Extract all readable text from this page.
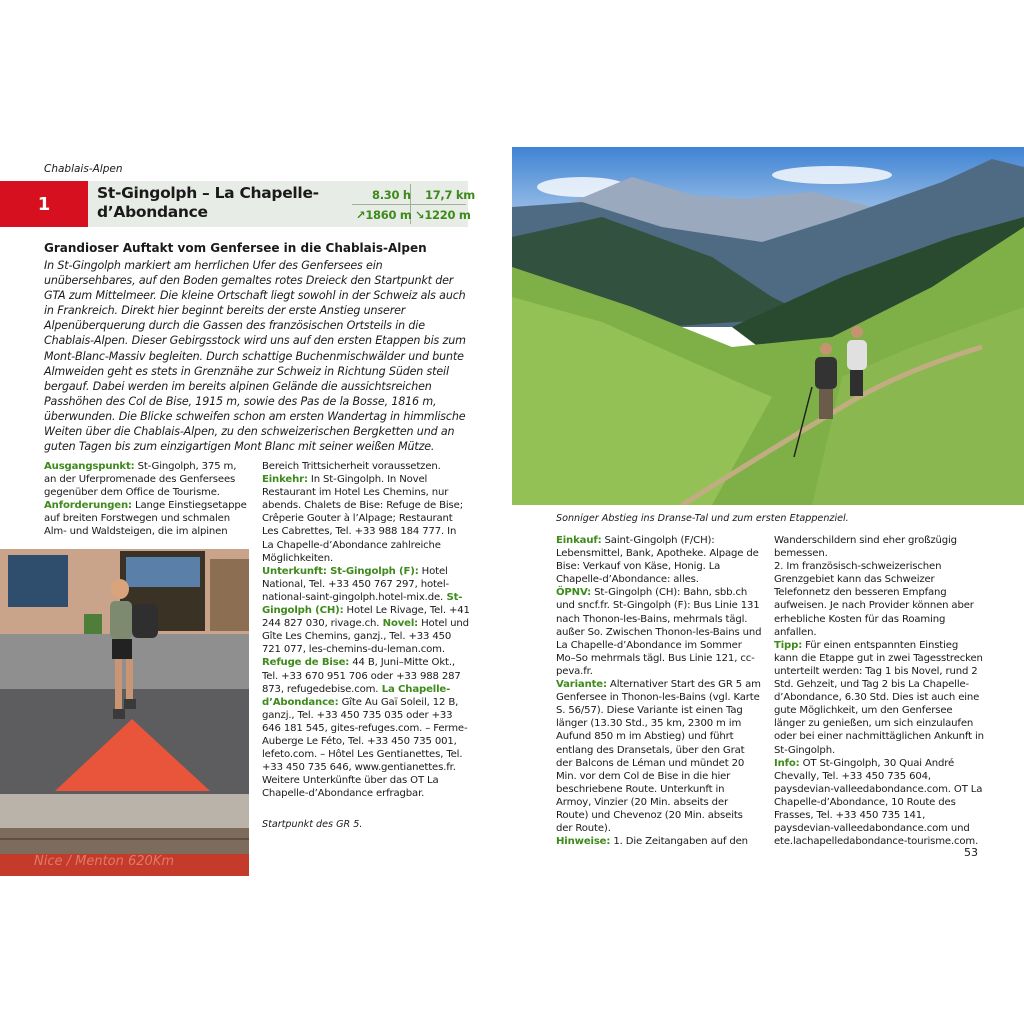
Chablais-Alpen
1
St-Gingolph – La Chapelle-d’Abondance
8.30 h 17,7 km
↗1860 m ↘1220 m
Grandioser Auftakt vom Genfersee in die Chablais-Alpen
In St-Gingolph markiert am herrlichen Ufer des Genfersees ein unübersehbares, auf den Boden gemaltes rotes Dreieck den Startpunkt der GTA zum Mittelmeer. Die kleine Ortschaft liegt sowohl in der Schweiz als auch in Frankreich. Direkt hier beginnt bereits der erste Anstieg unserer Alpenüberquerung durch die Gassen des französischen Ortsteils in die Chablais-Alpen. Dieser Gebirgsstock wird uns auf den ersten Etappen bis zum Mont-Blanc-Massiv begleiten. Durch schattige Buchenmischwälder und bunte Almweiden geht es stets in Grenznähe zur Schweiz in Richtung Süden steil bergauf. Dabei werden im bereits alpinen Gelände die aussichtsreichen Passhöhen des Col de Bise, 1915 m, sowie des Pas de la Bosse, 1816 m, überwunden. Die Blicke schweifen schon am ersten Wandertag in himmlische Weiten über die Chablais-Alpen, zu den schweizerischen Bergketten und an guten Tagen bis zum einzigartigen Mont Blanc mit seiner weißen Mütze.
Ausgangspunkt: St-Gingolph, 375 m, an der Uferpromenade des Genfersees gegenüber dem Office de Tourisme.
Anforderungen: Lange Einstiegsetappe auf breiten Forstwegen und schmalen Alm- und Waldsteigen, die im alpinen
Bereich Trittsicherheit voraussetzen.
Einkehr: In St-Gingolph. In Novel Restaurant im Hotel Les Chemins, nur abends. Chalets de Bise: Refuge de Bise; Crêperie Gouter à l’Alpage; Restaurant Les Cabrettes, Tel. +33 988 184 777. In La Chapelle-d’Abondance zahlreiche Möglichkeiten.
Unterkunft: St-Gingolph (F): Hotel National, Tel. +33 450 767 297, hotel-national-saint-gingolph.hotel-mix.de. St-Gingolph (CH): Hotel Le Rivage, Tel. +41 244 827 030, rivage.ch. Novel: Hotel und Gîte Les Chemins, ganzj., Tel. +33 450 721 077, les-chemins-du-leman.com. Refuge de Bise: 44 B, Juni–Mitte Okt., Tel. +33 670 951 706 oder +33 988 287 873, refugedebise.com. La Chapelle-d’Abondance: Gîte Au Gaï Soleil, 12 B, ganzj., Tel. +33 450 735 035 oder +33 646 181 545, gites-refuges.com. – Ferme-Auberge Le Féto, Tel. +33 450 735 001, lefeto.com. – Hôtel Les Gentianettes, Tel. +33 450 735 646, www.gentianettes.fr. Weitere Unterkünfte über das OT La Chapelle-d’Abondance erfragbar.
Startpunkt des GR 5.
Nice / Menton 620Km
Sonniger Abstieg ins Dranse-Tal und zum ersten Etappenziel.
Einkauf: Saint-Gingolph (F/CH): Lebensmittel, Bank, Apotheke. Alpage de Bise: Verkauf von Käse, Honig. La Chapelle-d’Abondance: alles.
ÖPNV: St-Gingolph (CH): Bahn, sbb.ch und sncf.fr. St-Gingolph (F): Bus Linie 131 nach Thonon-les-Bains, mehrmals tägl. außer So. Zwischen Thonon-les-Bains und La Chapelle-d’Abondance im Sommer Mo–So mehrmals tägl. Bus Linie 121, cc-peva.fr.
Variante: Alternativer Start des GR 5 am Genfersee in Thonon-les-Bains (vgl. Karte S. 56/57). Diese Variante ist einen Tag länger (13.30 Std., 35 km, 2300 m im Aufund 850 m im Abstieg) und führt entlang des Dransetals, über den Grat der Balcons de Léman und mündet 20 Min. vor dem Col de Bise in die hier beschriebene Route. Unterkunft in Armoy, Vinzier (20 Min. abseits der Route) und Chevenoz (20 Min. abseits der Route).
Hinweise: 1. Die Zeitangaben auf den
Wanderschildern sind eher großzügig bemessen.
2. Im französisch-schweizerischen Grenzgebiet kann das Schweizer Telefonnetz den besseren Empfang aufweisen. Je nach Provider können aber erhebliche Kosten für das Roaming anfallen.
Tipp: Für einen entspannten Einstieg kann die Etappe gut in zwei Tagesstrecken unterteilt werden: Tag 1 bis Novel, rund 2 Std. Gehzeit, und Tag 2 bis La Chapelle-d’Abondance, 6.30 Std. Dies ist auch eine gute Möglichkeit, um den Genfersee länger zu genießen, um sich einzulaufen oder bei einer nachmittäglichen Ankunft in St-Gingolph.
Info: OT St-Gingolph, 30 Quai André Chevally, Tel. +33 450 735 604, paysdevian-valleedabondance.com. OT La Chapelle-d’Abondance, 10 Route des Frasses, Tel. +33 450 735 141, paysdevian-valleedabondance.com und ete.lachapelledabondance-tourisme.com.
53
